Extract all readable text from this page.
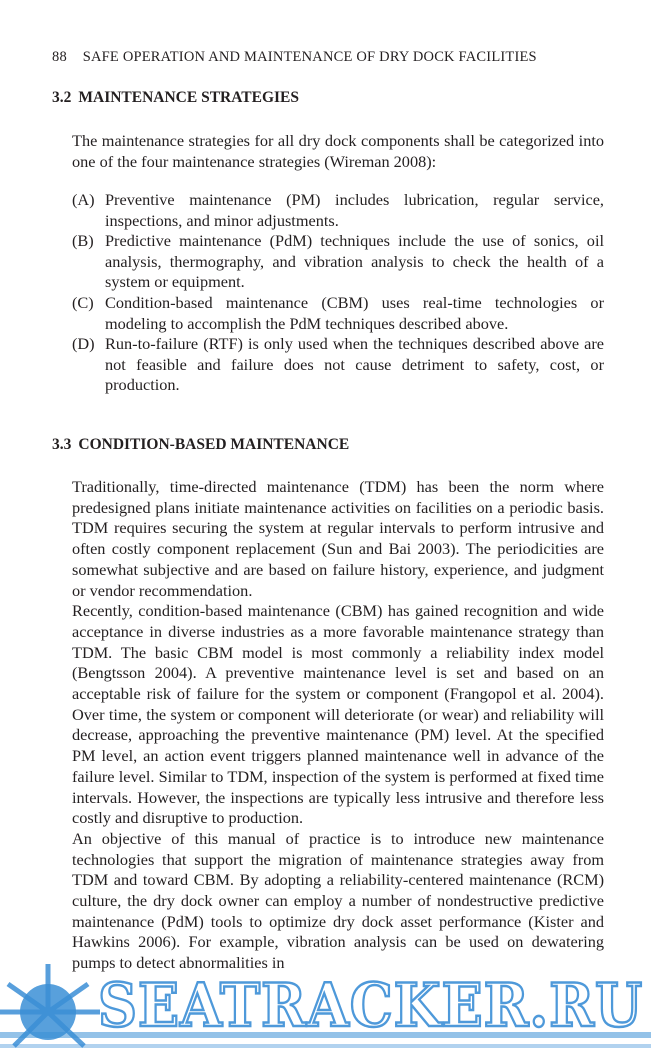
88 SAFE OPERATION AND MAINTENANCE OF DRY DOCK FACILITIES
3.2 MAINTENANCE STRATEGIES

The maintenance strategies for all dry dock components shall be categorized into one of the four maintenance strategies (Wireman 2008):

(A) Preventive maintenance (PM) includes lubrication, regular service, inspections, and minor adjustments.
(B) Predictive maintenance (PdM) techniques include the use of sonics, oil analysis, thermography, and vibration analysis to check the health of a system or equipment.
(C) Condition-based maintenance (CBM) uses real-time technologies or modeling to accomplish the PdM techniques described above.
(D) Run-to-failure (RTF) is only used when the techniques described above are not feasible and failure does not cause detriment to safety, cost, or production.
3.3 CONDITION-BASED MAINTENANCE

Traditionally, time-directed maintenance (TDM) has been the norm where predesigned plans initiate maintenance activities on facilities on a periodic basis. TDM requires securing the system at regular intervals to perform intrusive and often costly component replacement (Sun and Bai 2003). The periodicities are somewhat subjective and are based on failure history, experience, and judgment or vendor recommendation.

Recently, condition-based maintenance (CBM) has gained recognition and wide acceptance in diverse industries as a more favorable maintenance strategy than TDM. The basic CBM model is most commonly a reliability index model (Bengtsson 2004). A preventive maintenance level is set and based on an acceptable risk of failure for the system or component (Frangopol et al. 2004). Over time, the system or component will deteriorate (or wear) and reliability will decrease, approaching the preventive maintenance (PM) level. At the specified PM level, an action event triggers planned maintenance well in advance of the failure level. Similar to TDM, inspection of the system is performed at fixed time intervals. However, the inspections are typically less intrusive and therefore less costly and disruptive to production.

An objective of this manual of practice is to introduce new maintenance technologies that support the migration of maintenance strategies away from TDM and toward CBM. By adopting a reliability-centered maintenance (RCM) culture, the dry dock owner can employ a number of nondestructive predictive maintenance (PdM) tools to optimize dry dock asset performance (Kister and Hawkins 2006). For example, vibration analysis can be used on dewatering pumps to detect abnormalities in

SEATRACKER.RU
